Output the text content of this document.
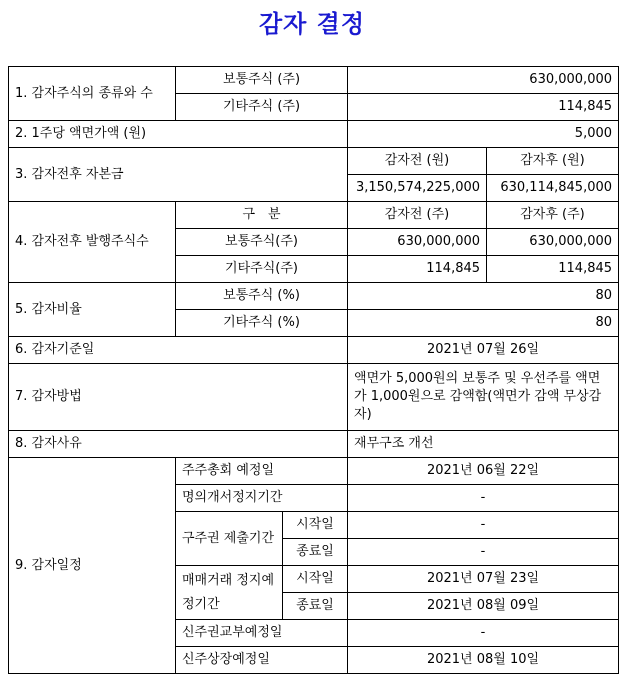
감자 결정
1. 감자주식의 종류와 수	보통주식 (주)		630,000,000	
	기타주식 (주)		114,845	
2. 1주당 액면가액 (원)			5,000	
3. 감자전후 자본금			감자전 (원)	감자후 (원)
			3,150,574,225,000	630,114,845,000
4. 감자전후 발행주식수	구　분		감자전 (주)	감자후 (주)
	보통주식(주)		630,000,000	630,000,000
	기타주식(주)		114,845	114,845
5. 감자비율	보통주식 (%)		80	
	기타주식 (%)		80	
6. 감자기준일			2021년 07월 26일	
7. 감자방법			액면가 5,000원의 보통주 및 우선주를 액면가 1,000원으로 감액함(액면가 감액 무상감자)	
8. 감자사유			재무구조 개선	
9. 감자일정	주주총회 예정일		2021년 06월 22일	
	명의개서정지기간		-	
	구주권 제출기간	시작일	-	
		종료일	-	
	매매거래 정지예정기간	시작일	2021년 07월 23일	
		종료일	2021년 08월 09일	
	신주권교부예정일		-	
	신주상장예정일		2021년 08월 10일	
